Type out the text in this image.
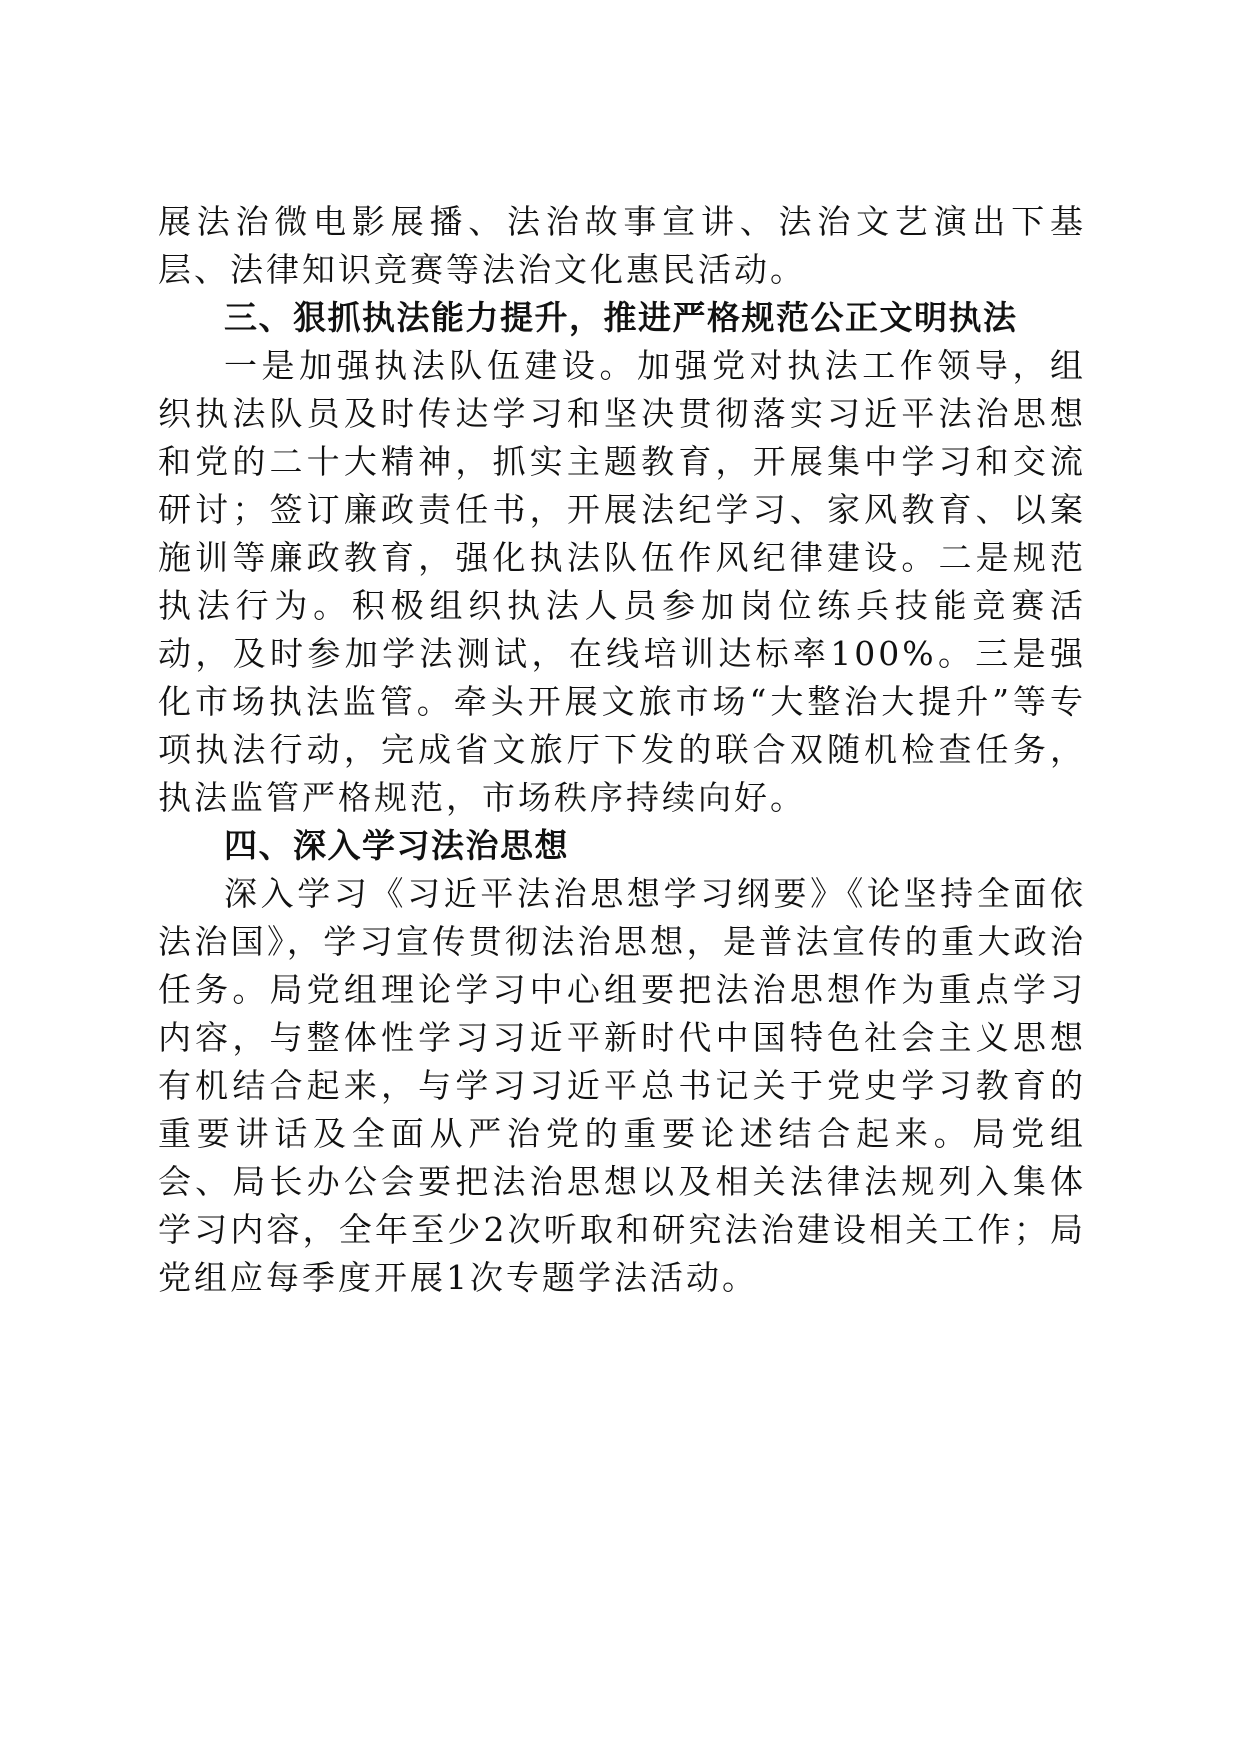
展法治微电影展播、法治故事宣讲、法治文艺演出下基层、法律知识竞赛等法治文化惠民活动。

三、狠抓执法能力提升，推进严格规范公正文明执法

一是加强执法队伍建设。加强党对执法工作领导，组织执法队员及时传达学习和坚决贯彻落实习近平法治思想和党的二十大精神，抓实主题教育，开展集中学习和交流研讨；签订廉政责任书，开展法纪学习、家风教育、以案施训等廉政教育，强化执法队伍作风纪律建设。二是规范执法行为。积极组织执法人员参加岗位练兵技能竞赛活动，及时参加学法测试，在线培训达标率100%。三是强化市场执法监管。牵头开展文旅市场“大整治大提升”等专项执法行动，完成省文旅厅下发的联合双随机检查任务，执法监管严格规范，市场秩序持续向好。

四、深入学习法治思想

深入学习《习近平法治思想学习纲要》《论坚持全面依法治国》，学习宣传贯彻法治思想，是普法宣传的重大政治任务。局党组理论学习中心组要把法治思想作为重点学习内容，与整体性学习习近平新时代中国特色社会主义思想有机结合起来，与学习习近平总书记关于党史学习教育的重要讲话及全面从严治党的重要论述结合起来。局党组会、局长办公会要把法治思想以及相关法律法规列入集体学习内容，全年至少2次听取和研究法治建设相关工作；局党组应每季度开展1次专题学法活动。
